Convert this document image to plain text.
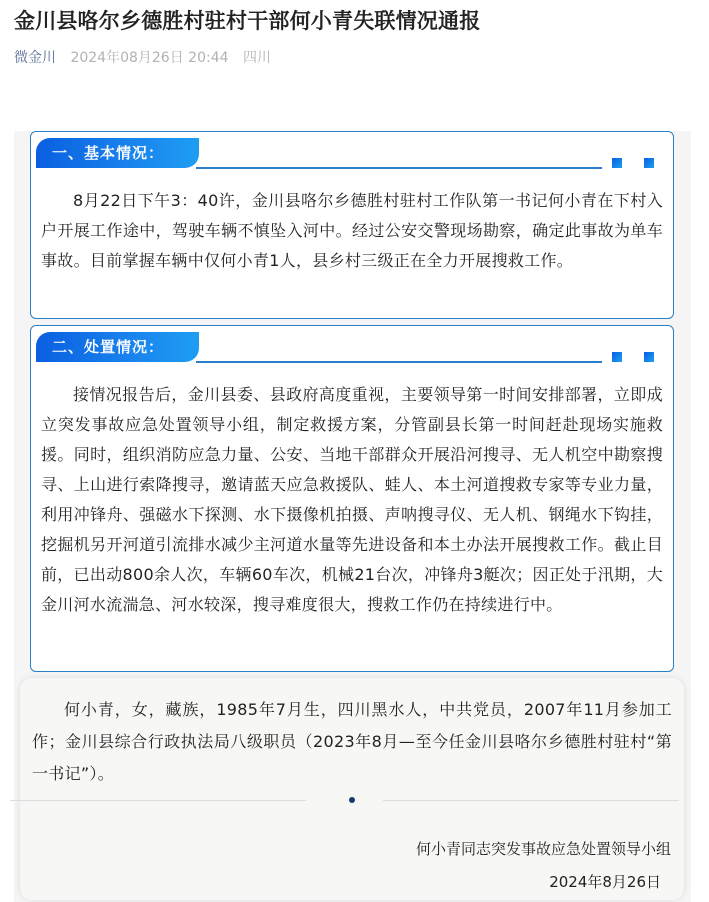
金川县咯尔乡德胜村驻村干部何小青失联情况通报
微金川 2024年08月26日 20:44 四川
一、基本情况：

8月22日下午3：40许，金川县咯尔乡德胜村驻村工作队第一书记何小青在下村入户开展工作途中，驾驶车辆不慎坠入河中。经过公安交警现场勘察，确定此事故为单车事故。目前掌握车辆中仅何小青1人，县乡村三级正在全力开展搜救工作。

二、处置情况：

接情况报告后，金川县委、县政府高度重视，主要领导第一时间安排部署，立即成立突发事故应急处置领导小组，制定救援方案，分管副县长第一时间赶赴现场实施救援。同时，组织消防应急力量、公安、当地干部群众开展沿河搜寻、无人机空中勘察搜寻、上山进行索降搜寻，邀请蓝天应急救援队、蛙人、本土河道搜救专家等专业力量，利用冲锋舟、强磁水下探测、水下摄像机拍摄、声呐搜寻仪、无人机、钢绳水下钩挂，挖掘机另开河道引流排水减少主河道水量等先进设备和本土办法开展搜救工作。截止目前，已出动800余人次，车辆60车次，机械21台次，冲锋舟3艇次；因正处于汛期，大金川河水流湍急、河水较深，搜寻难度很大，搜救工作仍在持续进行中。

何小青，女，藏族，1985年7月生，四川黑水人，中共党员，2007年11月参加工作；金川县综合行政执法局八级职员（2023年8月—至今任金川县咯尔乡德胜村驻村“第一书记”）。

何小青同志突发事故应急处置领导小组
2024年8月26日
